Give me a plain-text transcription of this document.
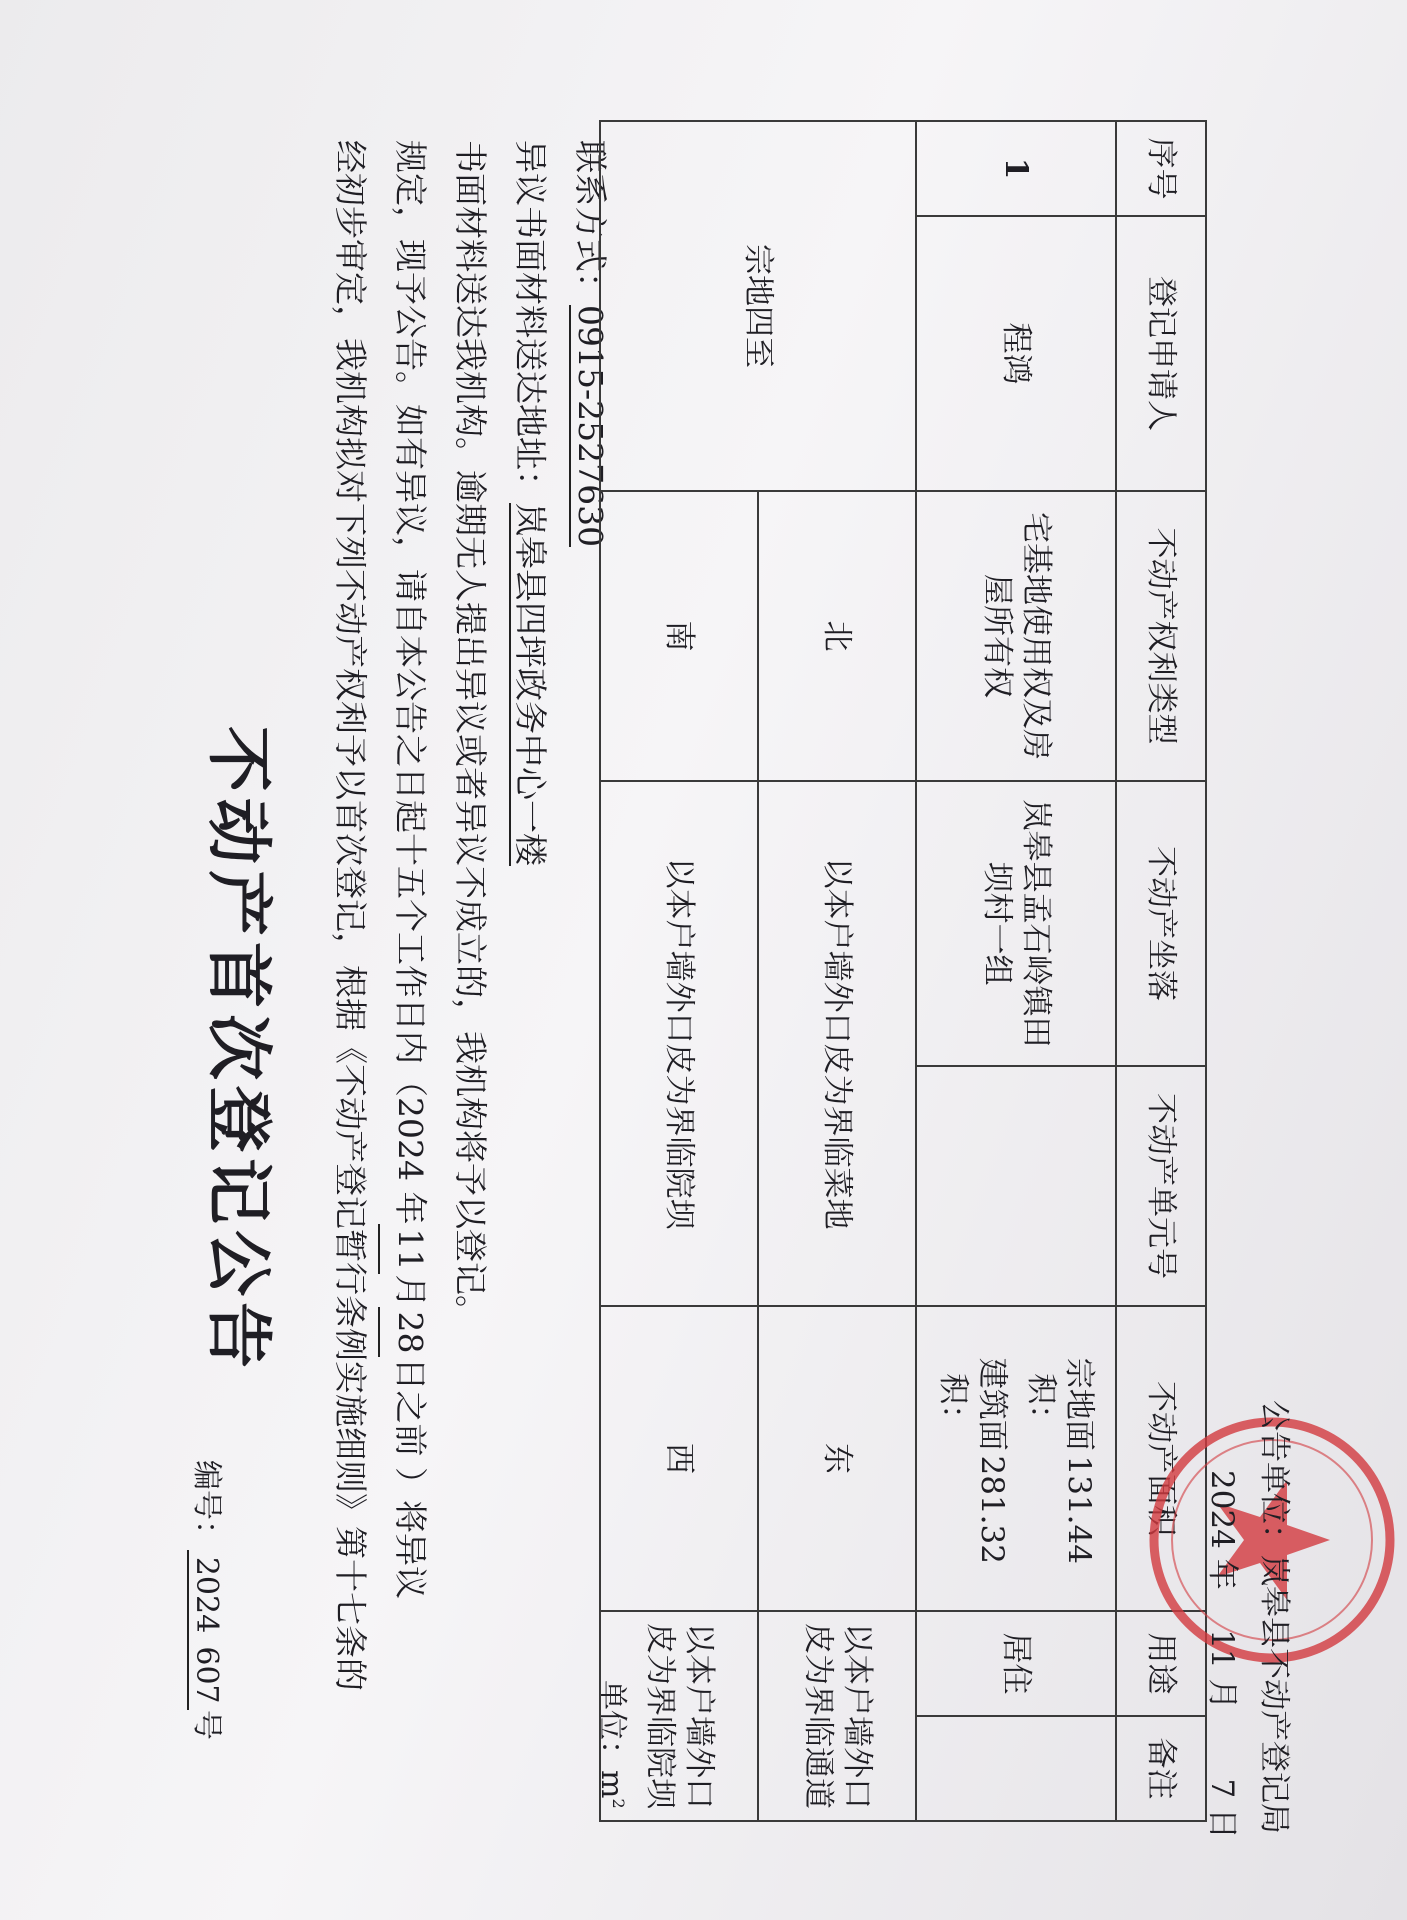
不动产首次登记公告
编号：2024607号
经初步审定，我机构拟对下列不动产权利予以首次登记，根据《不动产登记暂行条例实施细则》第十七条的 规定，现予公告。如有异议，请自本公告之日起十五个工作日内（2024 年11月28日之前 ）将异议
书面材料送达我机构。逾期无人提出异议或者异议不成立的，我机构将予以登记。 异议书面材料送达地址：岚皋县四坪政务中心一楼
联系方式：0915-2527630
单位：$m^2$
序号	登记申请人	不动产权利类型	不动产坐落	不动产单元号	不动产面积	用途	备注
1	程鸿	宅基地使用权及房屋所有权	岚皋县孟石岭镇田坝村一组		宗地面积：
131.44
建筑面积：
281.32	居住	
宗地四至		北	以本户墙外口皮为界临菜地		东	以本户墙外口皮为界临通道	
		南	以本户墙外口皮为界临院坝		西	以本户墙外口皮为界临院坝	
公告单位：岚皋县不动产登记局
2024 年    11 月       7 日
